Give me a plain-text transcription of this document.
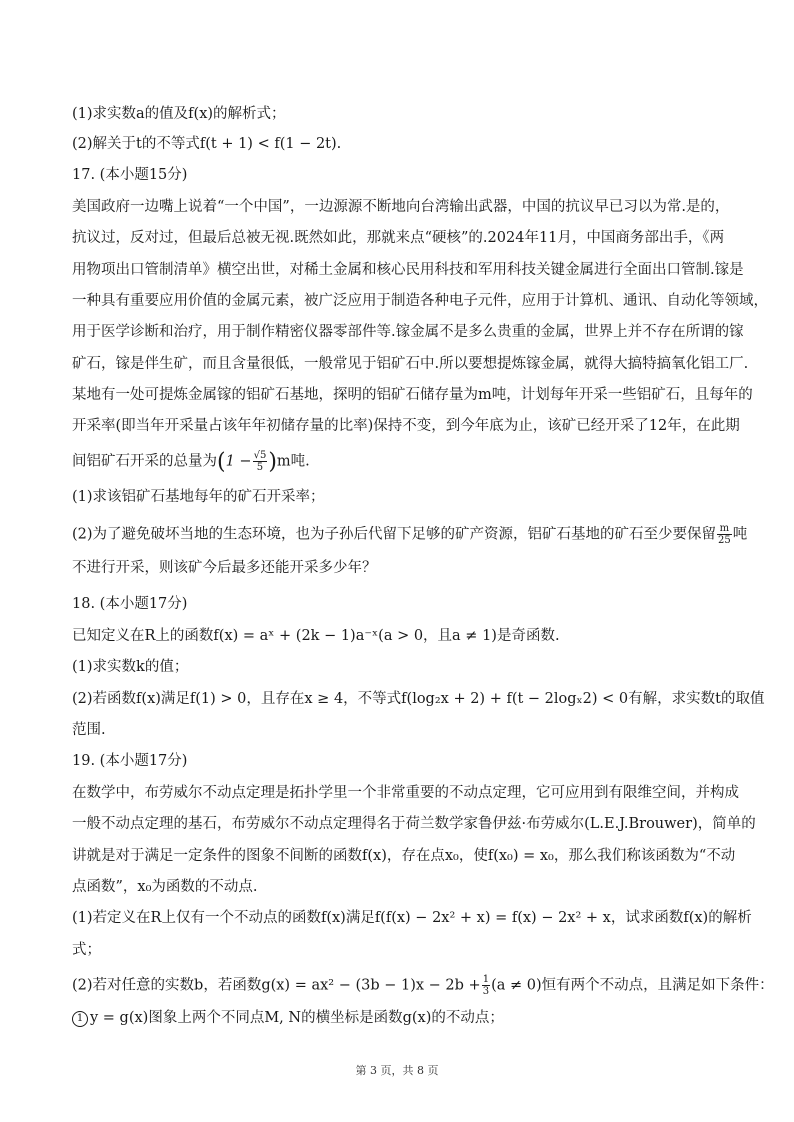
(1)求实数a的值及f(x)的解析式；
(2)解关于t的不等式f(t + 1) < f(1 − 2t).
17. (本小题15分)
美国政府一边嘴上说着“一个中国”，一边源源不断地向台湾输出武器，中国的抗议早已习以为常.是的，
抗议过，反对过，但最后总被无视.既然如此，那就来点“硬核”的.2024年11月，中国商务部出手，《两
用物项出口管制清单》横空出世，对稀土金属和核心民用科技和军用科技关键金属进行全面出口管制.镓是
一种具有重要应用价值的金属元素，被广泛应用于制造各种电子元件，应用于计算机、通讯、自动化等领域，
用于医学诊断和治疗，用于制作精密仪器零部件等.镓金属不是多么贵重的金属，世界上并不存在所谓的镓
矿石，镓是伴生矿，而且含量很低，一般常见于铝矿石中.所以要想提炼镓金属，就得大搞特搞氧化铝工厂.
某地有一处可提炼金属镓的铝矿石基地，探明的铝矿石储存量为m吨，计划每年开采一些铝矿石，且每年的
开采率(即当年开采量占该年年初储存量的比率)保持不变，到今年底为止，该矿已经开采了12年，在此期
间铝矿石开采的总量为$(1 - \frac{√5}{5} )m$吨.
(1)求该铝矿石基地每年的矿石开采率；
(2)为了避免破坏当地的生态环境，也为子孙后代留下足够的矿产资源，铝矿石基地的矿石至少要保留 $\frac{m}{25}$ 吨
不进行开采，则该矿今后最多还能开采多少年？
18. (本小题17分)
已知定义在R上的函数f(x) = aˣ + (2k − 1)a⁻ˣ(a > 0，且a ≠ 1)是奇函数.
(1)求实数k的值；
(2)若函数f(x)满足f(1) > 0，且存在x ≥ 4，不等式f(log₂x + 2) + f(t − 2logₓ2) < 0有解，求实数t的取值
范围.
19. (本小题17分)
在数学中，布劳威尔不动点定理是拓扑学里一个非常重要的不动点定理，它可应用到有限维空间，并构成
一般不动点定理的基石，布劳威尔不动点定理得名于荷兰数学家鲁伊兹·布劳威尔(L.E.J.Brouwer)，简单的
讲就是对于满足一定条件的图象不间断的函数f(x)，存在点x₀，使f(x₀) = x₀，那么我们称该函数为“不动
点函数”，x₀为函数的不动点.
(1)若定义在R上仅有一个不动点的函数f(x)满足f(f(x) − 2x² + x) = f(x) − 2x² + x，试求函数f(x)的解析
式；
(2)若对任意的实数b，若函数$g(x) = ax^2 - (3b - 1)x - 2b + \frac{1}{3} (a \ne 0)$恒有两个不动点，且满足如下条件：
1 y = g(x)图象上两个不同点M, N的横坐标是函数g(x)的不动点；
第 3 页，共 8 页
